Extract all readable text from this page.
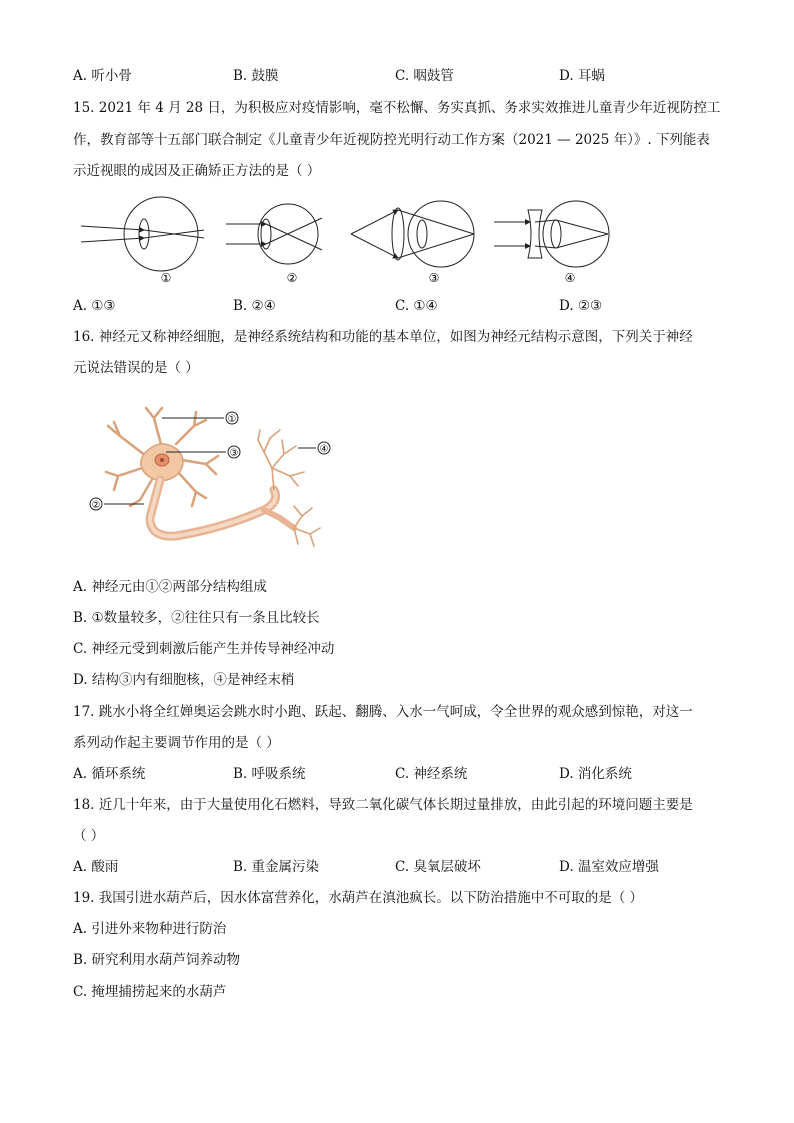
A. 听小骨	B. 鼓膜	C. 咽鼓管	D. 耳蜗
15. 2021 年 4 月 28 日，为积极应对疫情影响，毫不松懈、务实真抓、务求实效推进儿童青少年近视防控工
作，教育部等十五部门联合制定《儿童青少年近视防控光明行动工作方案（2021 — 2025 年）》. 下列能表
示近视眼的成因及正确矫正方法的是（ ）
①	②	③	④
A. ①③	B. ②④	C. ①④	D. ②③
16. 神经元又称神经细胞，是神经系统结构和功能的基本单位，如图为神经元结构示意图，下列关于神经
元说法错误的是（ ）
①
③	④
②
A. 神经元由①②两部分结构组成
B. ①数量较多，②往往只有一条且比较长
C. 神经元受到刺激后能产生并传导神经冲动
D. 结构③内有细胞核，④是神经末梢
17. 跳水小将全红婵奥运会跳水时小跑、跃起、翻腾、入水一气呵成，令全世界的观众感到惊艳，对这一
系列动作起主要调节作用的是（ ）
A. 循环系统	B. 呼吸系统	C. 神经系统	D. 消化系统
18. 近几十年来，由于大量使用化石燃料，导致二氧化碳气体长期过量排放，由此引起的环境问题主要是
（ ）
A. 酸雨	B. 重金属污染	C. 臭氧层破坏	D. 温室效应增强
19. 我国引进水葫芦后，因水体富营养化，水葫芦在滇池疯长。以下防治措施中不可取的是（ ）
A. 引进外来物种进行防治
B. 研究利用水葫芦饲养动物
C. 掩埋捕捞起来的水葫芦
